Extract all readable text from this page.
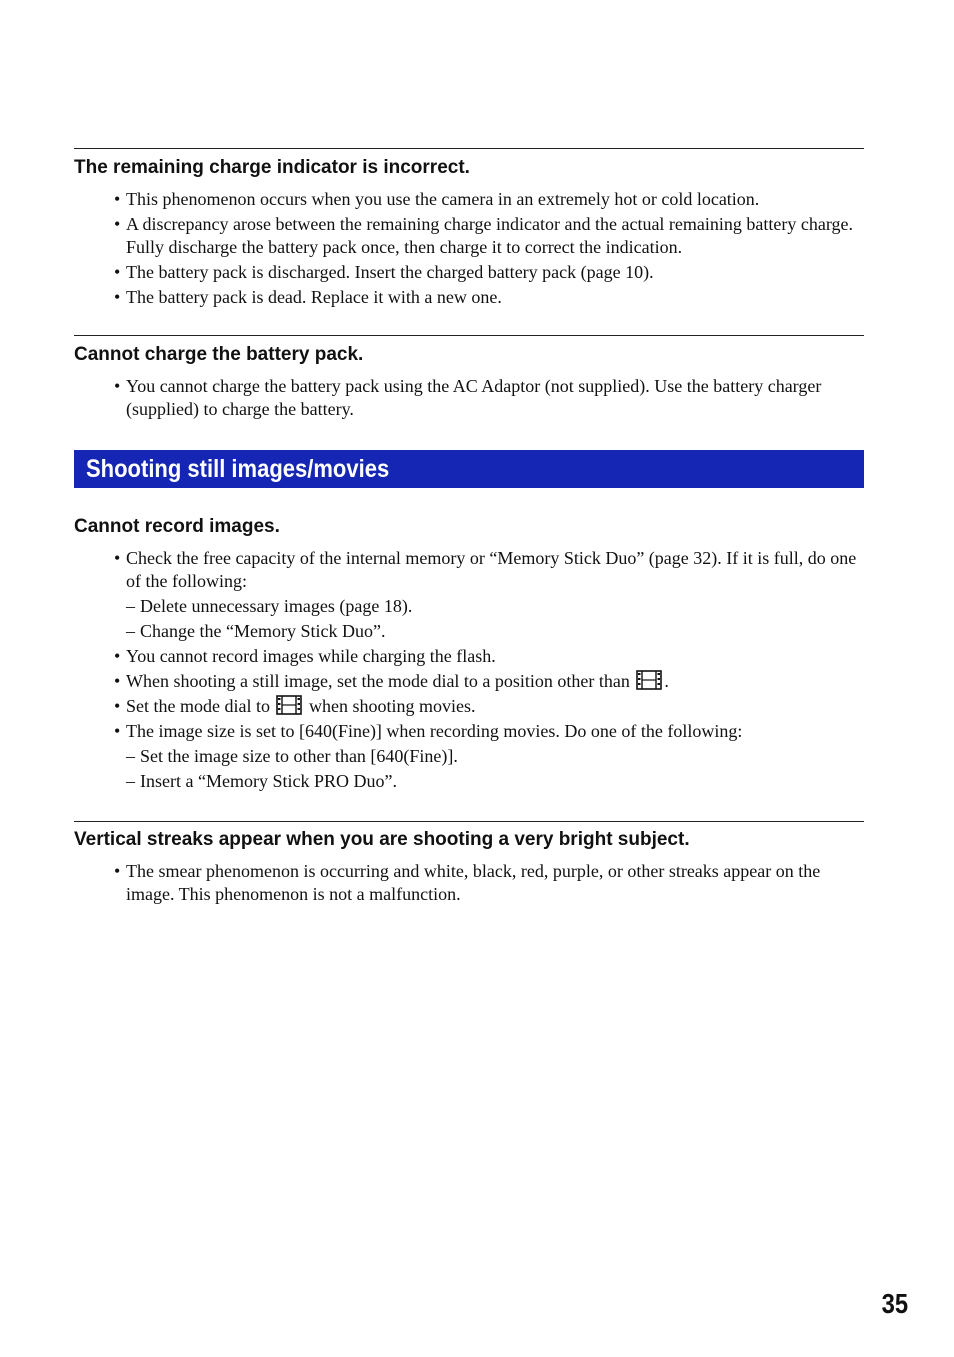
The remaining charge indicator is incorrect.
• This phenomenon occurs when you use the camera in an extremely hot or cold location.
• A discrepancy arose between the remaining charge indicator and the actual remaining battery charge. Fully discharge the battery pack once, then charge it to correct the indication.
• The battery pack is discharged. Insert the charged battery pack (page 10).
• The battery pack is dead. Replace it with a new one.
Cannot charge the battery pack.
• You cannot charge the battery pack using the AC Adaptor (not supplied). Use the battery charger (supplied) to charge the battery.
Shooting still images/movies
Cannot record images.
• Check the free capacity of the internal memory or “Memory Stick Duo” (page 32). If it is full, do one of the following:
– Delete unnecessary images (page 18).
– Change the “Memory Stick Duo”.
• You cannot record images while charging the flash.
• When shooting a still image, set the mode dial to a position other than .
• Set the mode dial to when shooting movies.
• The image size is set to [640(Fine)] when recording movies. Do one of the following:
– Set the image size to other than [640(Fine)].
– Insert a “Memory Stick PRO Duo”.
Vertical streaks appear when you are shooting a very bright subject.
• The smear phenomenon is occurring and white, black, red, purple, or other streaks appear on the image. This phenomenon is not a malfunction.
35
